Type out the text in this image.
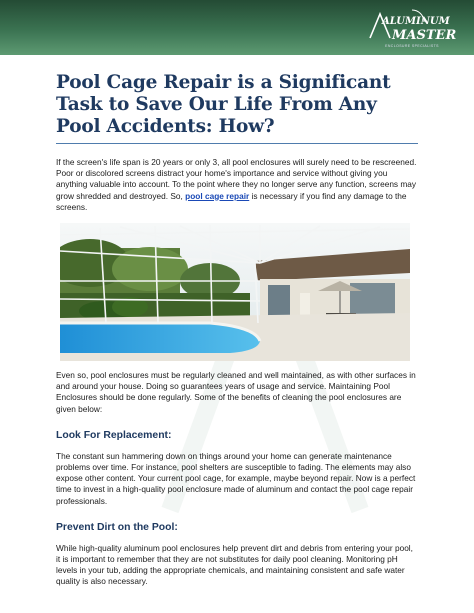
ALUMINUM
MASTER
ENCLOSURE SPECIALISTS
Pool Cage Repair is a Significant Task to Save Our Life From Any Pool Accidents: How?

If the screen's life span is 20 years or only 3, all pool enclosures will surely need to be rescreened. Poor or discolored screens distract your home's importance and service without giving you anything valuable into account. To the point where they no longer serve any function, screens may grow shredded and destroyed. So, pool cage repair is necessary if you find any damage to the screens.

Even so, pool enclosures must be regularly cleaned and well maintained, as with other surfaces in and around your house. Doing so guarantees years of usage and service. Maintaining Pool Enclosures should be done regularly. Some of the benefits of cleaning the pool enclosures are given below:

Look For Replacement:

The constant sun hammering down on things around your home can generate maintenance problems over time. For instance, pool shelters are susceptible to fading. The elements may also expose other content. Your current pool cage, for example, maybe beyond repair. Now is a perfect time to invest in a high-quality pool enclosure made of aluminum and contact the pool cage repair professionals.

Prevent Dirt on the Pool:

While high-quality aluminum pool enclosures help prevent dirt and debris from entering your pool, it is important to remember that they are not substitutes for daily pool cleaning. Monitoring pH levels in your tub, adding the appropriate chemicals, and maintaining consistent and safe water quality is also necessary.
